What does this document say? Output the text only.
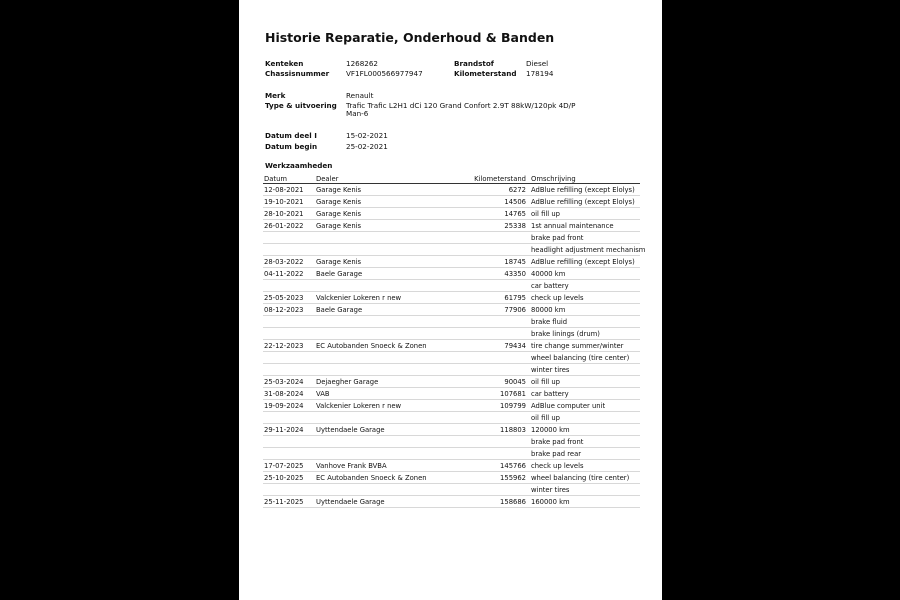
Historie Reparatie, Onderhoud & Banden
Kenteken	1268262
Chassisnummer VF1FL000566977947
Brandstof	Diesel
Kilometerstand 178194
Merk	Renault
Type & uitvoering Trafic Trafic L2H1 dCi 120 Grand Confort 2.9T 88kW/120pk 4D/P
Man-6
Datum deel I	15-02-2021
Datum begin	25-02-2021
Werkzaamheden
Datum	Dealer	Kilometerstand Omschrijving
12-08-2021 Garage Kenis	6272 AdBlue refilling (except Elolys)
19-10-2021 Garage Kenis	14506 AdBlue refilling (except Elolys)
28-10-2021 Garage Kenis	14765 oil fill up
26-01-2022 Garage Kenis	25338 1st annual maintenance
brake pad front
headlight adjustment mechanism
28-03-2022 Garage Kenis	18745 AdBlue refilling (except Elolys)
04-11-2022 Baele Garage	43350 40000 km
car battery
25-05-2023 Valckenier Lokeren r new	61795 check up levels
08-12-2023 Baele Garage	77906 80000 km
brake fluid
brake linings (drum)
22-12-2023 EC Autobanden Snoeck & Zonen	79434 tire change summer/winter
wheel balancing (tire center)
winter tires
25-03-2024 Dejaegher Garage	90045 oil fill up
31-08-2024 VAB	107681 car battery
19-09-2024 Valckenier Lokeren r new	109799 AdBlue computer unit
oil fill up
29-11-2024 Uyttendaele Garage	118803 120000 km
brake pad front
brake pad rear
17-07-2025 Vanhove Frank BVBA	145766 check up levels
25-10-2025 EC Autobanden Snoeck & Zonen	155962 wheel balancing (tire center)
winter tires
25-11-2025 Uyttendaele Garage	158686 160000 km
